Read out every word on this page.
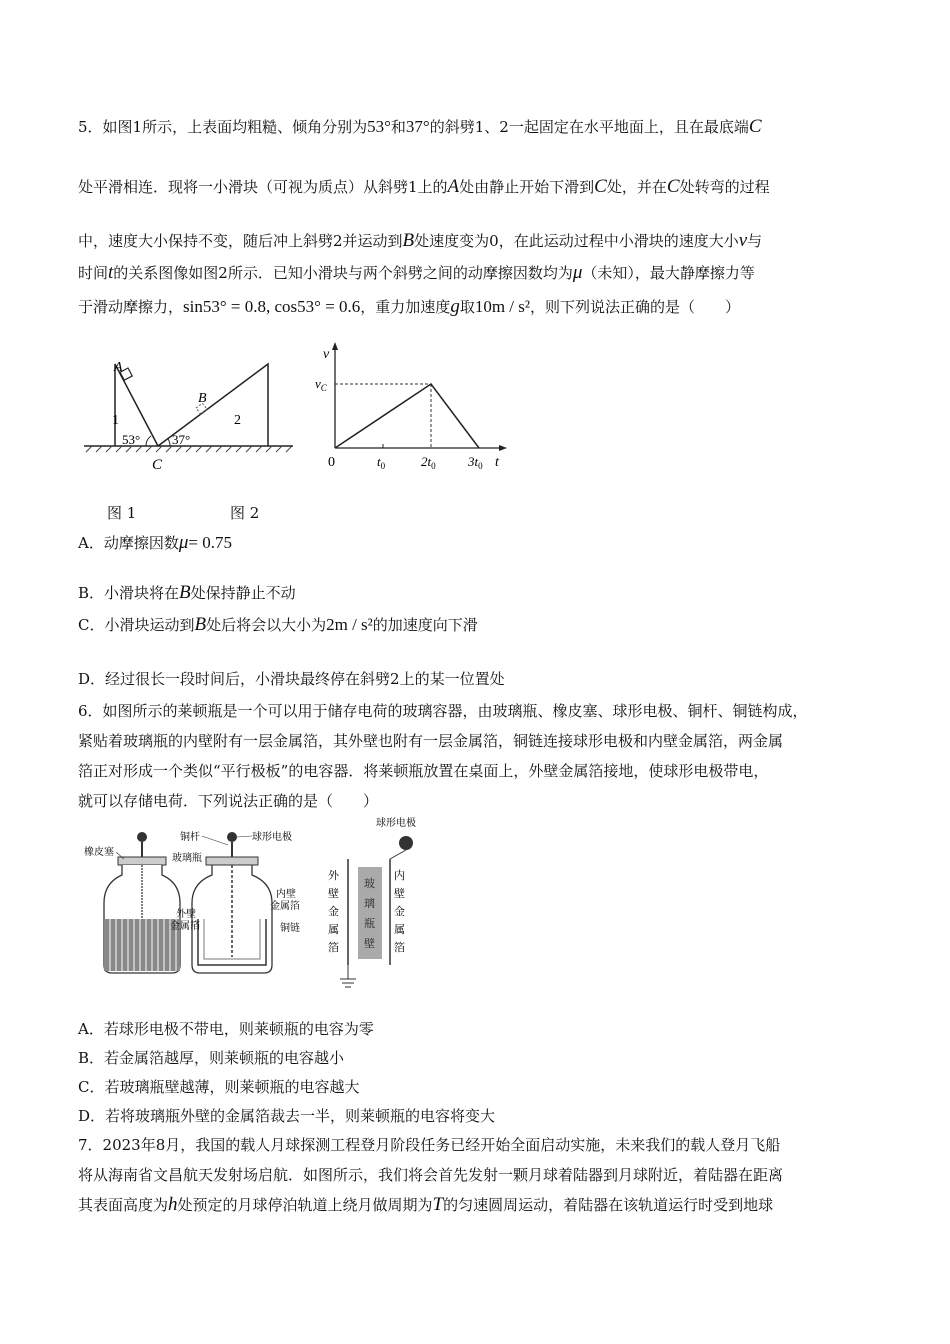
5．如图1所示，上表面均粗糙、倾角分别为53°和37°的斜劈1、2一起固定在水平地面上，且在最底端C
处平滑相连．现将一小滑块（可视为质点）从斜劈1上的A处由静止开始下滑到C处，并在C处转弯的过程
中，速度大小保持不变，随后冲上斜劈2并运动到B处速度变为0，在此运动过程中小滑块的速度大小v与
时间t的关系图像如图2所示．已知小滑块与两个斜劈之间的动摩擦因数均为μ（未知），最大静摩擦力等
于滑动摩擦力，sin53° = 0.8, cos53° = 0.6，重力加速度g取10m / s²，则下列说法正确的是（　　）
A
B
C
1	2
53° 37°
v
$v_C$
0	t
$t_0$	$2t_0$ $3t_0$
图 1	图 2
A．动摩擦因数μ= 0.75
B．小滑块将在B处保持静止不动
C．小滑块运动到B处后将会以大小为2m / s²的加速度向下滑
D．经过很长一段时间后，小滑块最终停在斜劈2上的某一位置处
6．如图所示的莱顿瓶是一个可以用于储存电荷的玻璃容器，由玻璃瓶、橡皮塞、球形电极、铜杆、铜链构成，
紧贴着玻璃瓶的内壁附有一层金属箔，其外壁也附有一层金属箔，铜链连接球形电极和内壁金属箔，两金属
箔正对形成一个类似“平行极板”的电容器．将莱顿瓶放置在桌面上，外壁金属箔接地，使球形电极带电，
就可以存储电荷．下列说法正确的是（　　）
橡皮塞
铜杆	球形电极
玻璃瓶
内壁
金属箔
外壁
金属箔	铜链
球形电极
外
壁
金
属
箔
玻
璃
瓶
壁
内
壁
金
属
箔
A．若球形电极不带电，则莱顿瓶的电容为零
B．若金属箔越厚，则莱顿瓶的电容越小
C．若玻璃瓶壁越薄，则莱顿瓶的电容越大
D．若将玻璃瓶外壁的金属箔裁去一半，则莱顿瓶的电容将变大
7．2023年8月，我国的载人月球探测工程登月阶段任务已经开始全面启动实施，未来我们的载人登月飞船
将从海南省文昌航天发射场启航．如图所示，我们将会首先发射一颗月球着陆器到月球附近，着陆器在距离
其表面高度为h处预定的月球停泊轨道上绕月做周期为T的匀速圆周运动，着陆器在该轨道运行时受到地球
